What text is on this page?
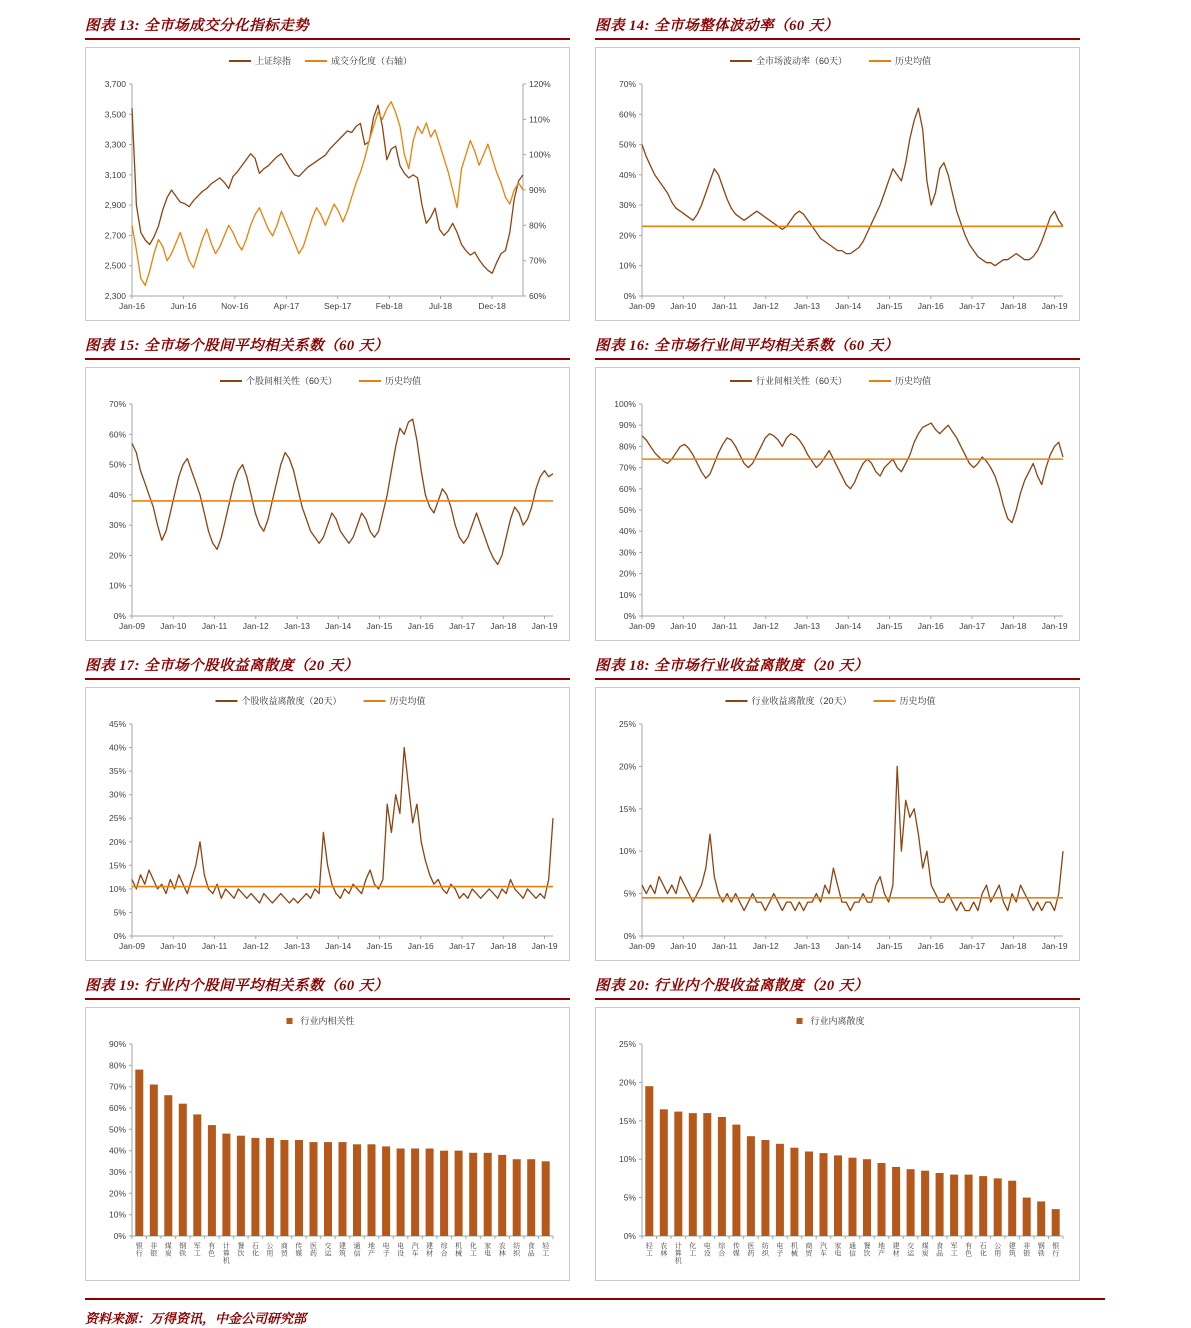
图表 13: 全市场成交分化指标走势
上证综指	成交分化度（右轴）
3,700
3,500
3,300
3,100
2,900
2,700
2,500
2,300
120%
110%
100%
90%
80%
70%
60%
Jan-16	Jun-16	Nov-16	Apr-17	Sep-17	Feb-18	Jul-18	Dec-18
图表 14: 全市场整体波动率（60 天）
全市场波动率（60天）	历史均值
70%
60%
50%
40%
30%
20%
10%
0%
Jan-09 Jan-10 Jan-11 Jan-12 Jan-13 Jan-14 Jan-15 Jan-16 Jan-17 Jan-18 Jan-19
图表 15: 全市场个股间平均相关系数（60 天）
个股间相关性（60天）	历史均值
70%
60%
50%
40%
30%
20%
10%
0%
Jan-09 Jan-10 Jan-11 Jan-12 Jan-13 Jan-14 Jan-15 Jan-16 Jan-17 Jan-18 Jan-19
图表 16: 全市场行业间平均相关系数（60 天）
行业间相关性（60天）	历史均值
100%
90%
80%
70%
60%
50%
40%
30%
20%
10%
0%
Jan-09 Jan-10 Jan-11 Jan-12 Jan-13 Jan-14 Jan-15 Jan-16 Jan-17 Jan-18 Jan-19
图表 17: 全市场个股收益离散度（20 天）
个股收益离散度（20天）	历史均值
45%
40%
35%
30%
25%
20%
15%
10%
5%
0%
Jan-09 Jan-10 Jan-11 Jan-12 Jan-13 Jan-14 Jan-15 Jan-16 Jan-17 Jan-18 Jan-19
图表 18: 全市场行业收益离散度（20 天）
行业收益离散度（20天）	历史均值
25%
20%
15%
10%
5%
0%
Jan-09 Jan-10 Jan-11 Jan-12 Jan-13 Jan-14 Jan-15 Jan-16 Jan-17 Jan-18 Jan-19
图表 19: 行业内个股间平均相关系数（60 天）
行业内相关性
90%
80%
70%
60%
50%
40%
30%
20%
10%
0%
银行
非银
煤炭
钢铁
军工
有色
计算机
餐饮
石化
公用
商贸
传媒
医药
交运
建筑
通信
地产
电子
电设
汽车
建材
综合
机械
化工
家电
农林
纺织
食品
轻工
图表 20: 行业内个股收益离散度（20 天）
行业内离散度
25%
20%
15%
10%
5%
0%
轻工
农林
计算机
化工
电设
综合
传媒
医药
纺织
电子
机械
商贸
汽车
家电
通信
餐饮
地产
建材
交运
煤炭
食品
军工
有色
石化
公用
建筑
非银
钢铁
银行
资料来源：万得资讯，中金公司研究部
